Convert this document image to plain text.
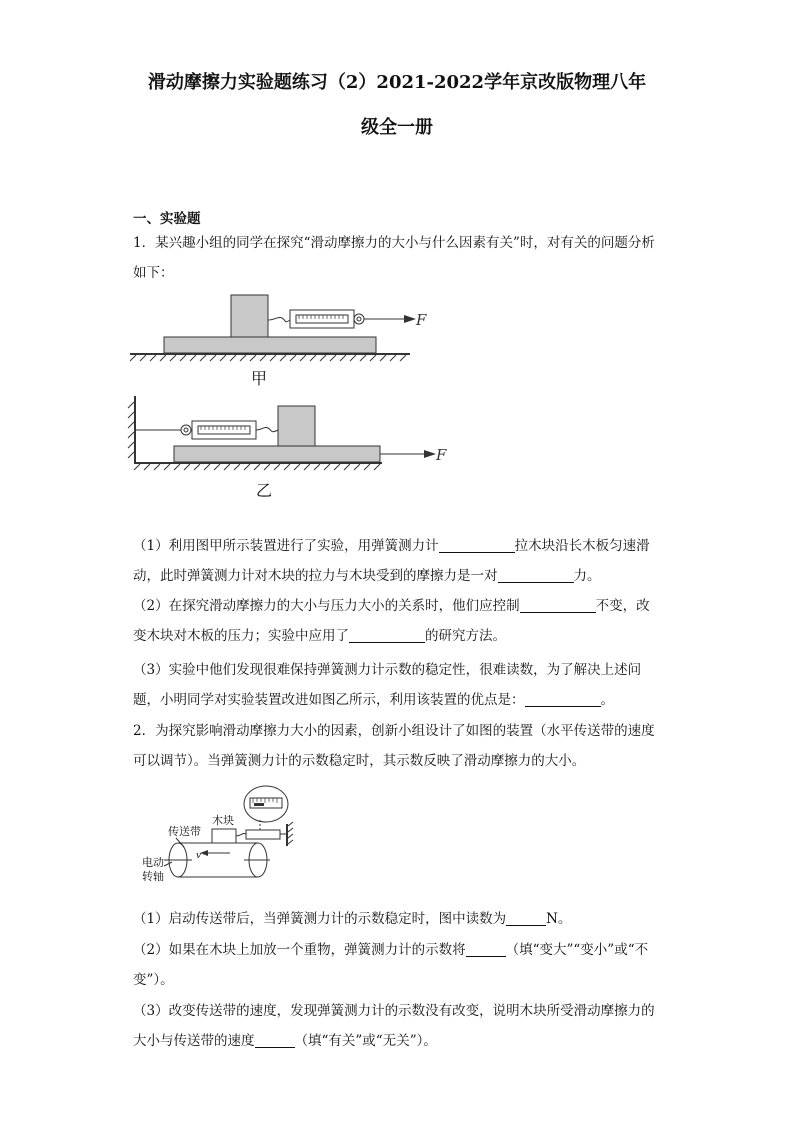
滑动摩擦力实验题练习（2）2021-2022学年京改版物理八年
级全一册
一、实验题

1．某兴趣小组的同学在探究“滑动摩擦力的大小与什么因素有关”时，对有关的问题分析如下：

F
甲
F
乙

（1）利用图甲所示装置进行了实验，用弹簧测力计	拉木块沿长木板匀速滑动，此时弹簧测力计对木块的拉力与木块受到的摩擦力是一对	力。

（2）在探究滑动摩擦力的大小与压力大小的关系时，他们应控制	不变，改变木块对木板的压力；实验中应用了	的研究方法。

（3）实验中他们发现很难保持弹簧测力计示数的稳定性，很难读数，为了解决上述问题，小明同学对实验装置改进如图乙所示，利用该装置的优点是：	。

2．为探究影响滑动摩擦力大小的因素，创新小组设计了如图的装置（水平传送带的速度可以调节）。当弹簧测力计的示数稳定时，其示数反映了滑动摩擦力的大小。

v
传送带
木块
电动
转轴

（1）启动传送带后，当弹簧测力计的示数稳定时，图中读数为	N。

（2）如果在木块上加放一个重物，弹簧测力计的示数将	（填“变大”“变小”或“不变”）。

（3）改变传送带的速度，发现弹簧测力计的示数没有改变，说明木块所受滑动摩擦力的大小与传送带的速度	（填“有关”或“无关”）。
